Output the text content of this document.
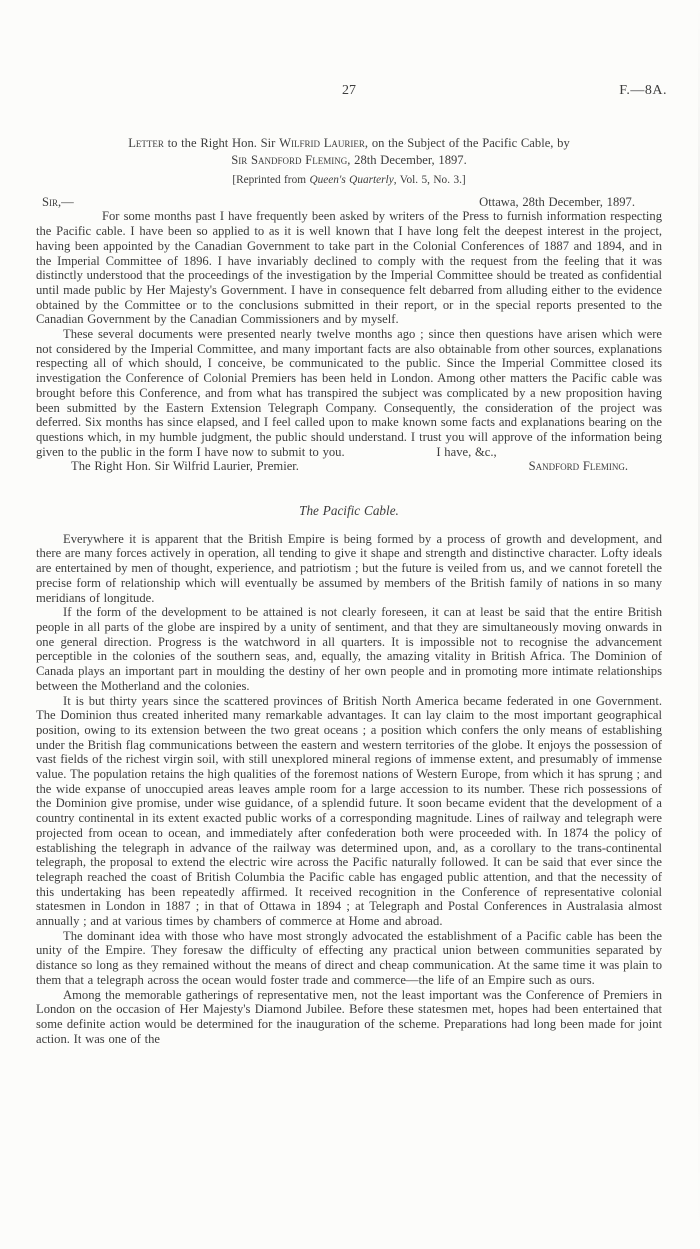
27	F.—8A.
Letter to the Right Hon. Sir Wilfrid Laurier, on the Subject of the Pacific Cable, by
Sir Sandford Fleming, 28th December, 1897.
[Reprinted from Queen's Quarterly, Vol. 5, No. 3.]
Sir,—	Ottawa, 28th December, 1897.

For some months past I have frequently been asked by writers of the Press to furnish information respecting the Pacific cable. I have been so applied to as it is well known that I have long felt the deepest interest in the project, having been appointed by the Canadian Government to take part in the Colonial Conferences of 1887 and 1894, and in the Imperial Committee of 1896. I have invariably declined to comply with the request from the feeling that it was distinctly understood that the proceedings of the investigation by the Imperial Committee should be treated as confidential until made public by Her Majesty's Government. I have in consequence felt debarred from alluding either to the evidence obtained by the Committee or to the conclusions submitted in their report, or in the special reports presented to the Canadian Government by the Canadian Commissioners and by myself.

These several documents were presented nearly twelve months ago ; since then questions have arisen which were not considered by the Imperial Committee, and many important facts are also obtainable from other sources, explanations respecting all of which should, I conceive, be communicated to the public. Since the Imperial Committee closed its investigation the Conference of Colonial Premiers has been held in London. Among other matters the Pacific cable was brought before this Conference, and from what has transpired the subject was complicated by a new proposition having been submitted by the Eastern Extension Telegraph Company. Consequently, the consideration of the project was deferred. Six months has since elapsed, and I feel called upon to make known some facts and explanations bearing on the questions which, in my humble judgment, the public should understand. I trust you will approve of the information being given to the public in the form I have now to submit to you.	I have, &c.,

The Right Hon. Sir Wilfrid Laurier, Premier.	Sandford Fleming.
The Pacific Cable.

Everywhere it is apparent that the British Empire is being formed by a process of growth and development, and there are many forces actively in operation, all tending to give it shape and strength and distinctive character. Lofty ideals are entertained by men of thought, experience, and patriotism ; but the future is veiled from us, and we cannot foretell the precise form of relationship which will eventually be assumed by members of the British family of nations in so many meridians of longitude.

If the form of the development to be attained is not clearly foreseen, it can at least be said that the entire British people in all parts of the globe are inspired by a unity of sentiment, and that they are simultaneously moving onwards in one general direction. Progress is the watchword in all quarters. It is impossible not to recognise the advancement perceptible in the colonies of the southern seas, and, equally, the amazing vitality in British Africa. The Dominion of Canada plays an important part in moulding the destiny of her own people and in promoting more intimate relationships between the Motherland and the colonies.

It is but thirty years since the scattered provinces of British North America became federated in one Government. The Dominion thus created inherited many remarkable advantages. It can lay claim to the most important geographical position, owing to its extension between the two great oceans ; a position which confers the only means of establishing under the British flag communications between the eastern and western territories of the globe. It enjoys the possession of vast fields of the richest virgin soil, with still unexplored mineral regions of immense extent, and presumably of immense value. The population retains the high qualities of the foremost nations of Western Europe, from which it has sprung ; and the wide expanse of unoccupied areas leaves ample room for a large accession to its number. These rich possessions of the Dominion give promise, under wise guidance, of a splendid future. It soon became evident that the development of a country continental in its extent exacted public works of a corresponding magnitude. Lines of railway and telegraph were projected from ocean to ocean, and immediately after confederation both were proceeded with. In 1874 the policy of establishing the telegraph in advance of the railway was determined upon, and, as a corollary to the trans-continental telegraph, the proposal to extend the electric wire across the Pacific naturally followed. It can be said that ever since the telegraph reached the coast of British Columbia the Pacific cable has engaged public attention, and that the necessity of this undertaking has been repeatedly affirmed. It received recognition in the Conference of representative colonial statesmen in London in 1887 ; in that of Ottawa in 1894 ; at Telegraph and Postal Conferences in Australasia almost annually ; and at various times by chambers of commerce at Home and abroad.

The dominant idea with those who have most strongly advocated the establishment of a Pacific cable has been the unity of the Empire. They foresaw the difficulty of effecting any practical union between communities separated by distance so long as they remained without the means of direct and cheap communication. At the same time it was plain to them that a telegraph across the ocean would foster trade and commerce—the life of an Empire such as ours.

Among the memorable gatherings of representative men, not the least important was the Conference of Premiers in London on the occasion of Her Majesty's Diamond Jubilee. Before these statesmen met, hopes had been entertained that some definite action would be determined for the inauguration of the scheme. Preparations had long been made for joint action. It was one of the
